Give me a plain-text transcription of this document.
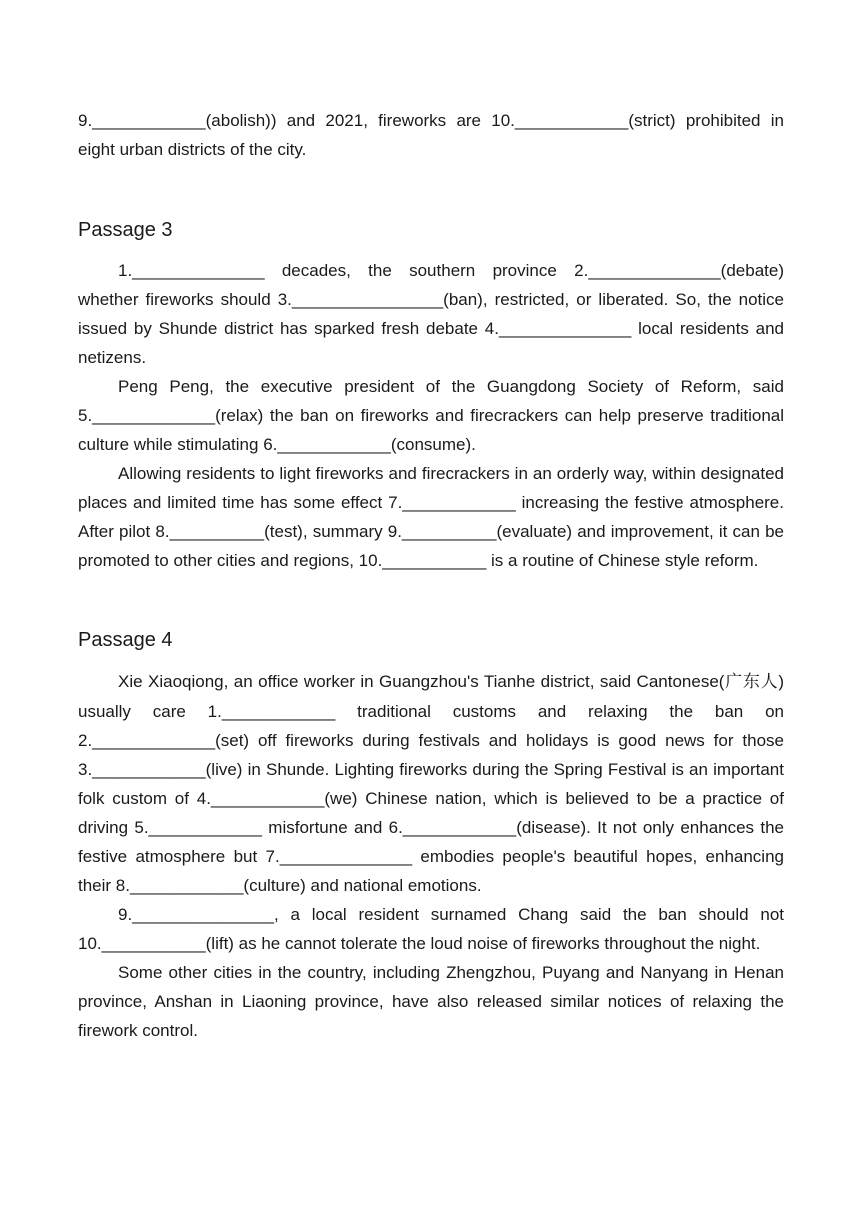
9.____________(abolish)) and 2021, fireworks are 10.____________(strict) prohibited in eight urban districts of the city.

Passage 3

1.______________ decades, the southern province 2.______________(debate) whether fireworks should 3.________________(ban), restricted, or liberated. So, the notice issued by Shunde district has sparked fresh debate 4.______________ local residents and netizens.

Peng Peng, the executive president of the Guangdong Society of Reform, said 5._____________(relax) the ban on fireworks and firecrackers can help preserve traditional culture while stimulating 6.____________(consume).

Allowing residents to light fireworks and firecrackers in an orderly way, within designated places and limited time has some effect 7.____________ increasing the festive atmosphere. After pilot 8.__________(test), summary 9.__________(evaluate) and improvement, it can be promoted to other cities and regions, 10.___________ is a routine of Chinese style reform.

Passage 4

Xie Xiaoqiong, an office worker in Guangzhou's Tianhe district, said Cantonese(广东人) usually care 1.____________ traditional customs and relaxing the ban on 2._____________(set) off fireworks during festivals and holidays is good news for those 3.____________(live) in Shunde. Lighting fireworks during the Spring Festival is an important folk custom of 4.____________(we) Chinese nation, which is believed to be a practice of driving 5.____________ misfortune and 6.____________(disease). It not only enhances the festive atmosphere but 7.______________ embodies people's beautiful hopes, enhancing their 8.____________(culture) and national emotions.

9._______________, a local resident surnamed Chang said the ban should not 10.___________(lift) as he cannot tolerate the loud noise of fireworks throughout the night.

Some other cities in the country, including Zhengzhou, Puyang and Nanyang in Henan province, Anshan in Liaoning province, have also released similar notices of relaxing the firework control.
